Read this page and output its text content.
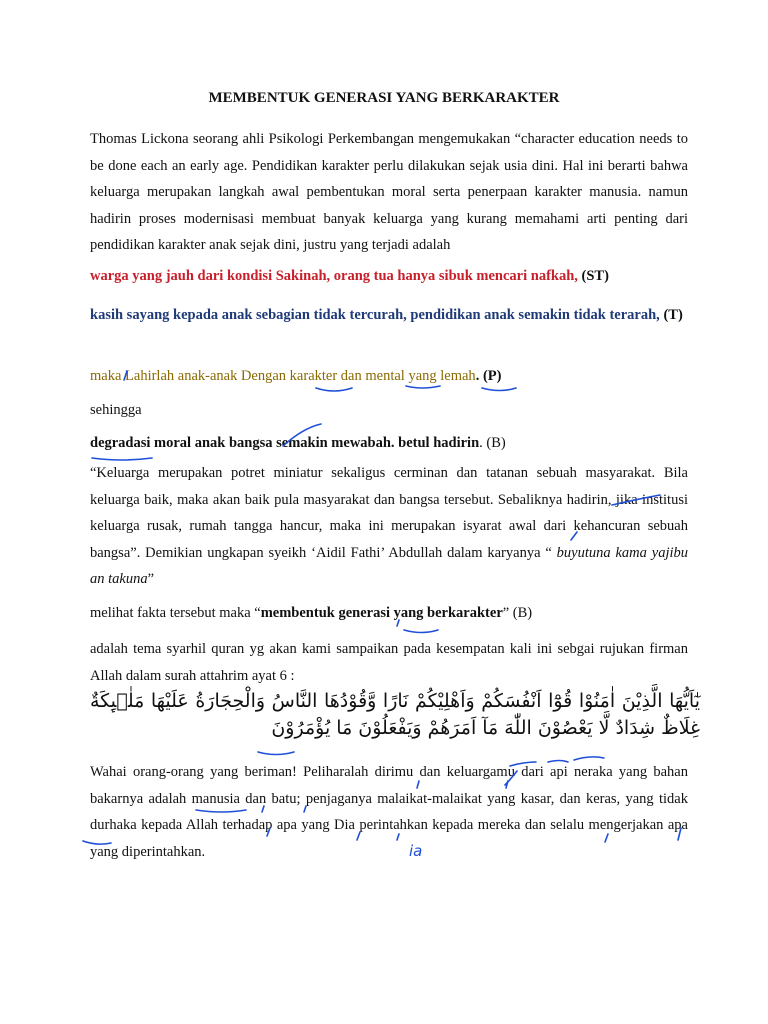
MEMBENTUK GENERASI YANG BERKARAKTER
Thomas Lickona seorang ahli Psikologi Perkembangan mengemukakan “character education needs to be done each an early age. Pendidikan karakter perlu dilakukan sejak usia dini. Hal ini berarti bahwa keluarga merupakan langkah awal pembentukan moral serta penerpaan karakter manusia. namun hadirin proses modernisasi membuat banyak keluarga yang kurang memahami arti penting dari pendidikan karakter anak sejak dini, justru yang terjadi adalah
warga yang jauh dari kondisi Sakinah, orang tua hanya sibuk mencari nafkah, (ST)
kasih sayang kepada anak sebagian tidak tercurah, pendidikan anak semakin tidak terarah, (T)
maka Lahirlah anak-anak Dengan karakter dan mental yang lemah. (P)
sehingga
degradasi moral anak bangsa semakin mewabah. betul hadirin. (B)
“Keluarga merupakan potret miniatur sekaligus cerminan dan tatanan sebuah masyarakat. Bila keluarga baik, maka akan baik pula masyarakat dan bangsa tersebut. Sebaliknya hadirin, jika institusi keluarga rusak, rumah tangga hancur, maka ini merupakan isyarat awal dari kehancuran sebuah bangsa”. Demikian ungkapan syeikh ‘Aidil Fathi’ Abdullah dalam karyanya “ buyutuna kama yajibu an takuna”
melihat fakta tersebut maka “membentuk generasi yang berkarakter” (B)
adalah tema syarhil quran yg akan kami sampaikan pada kesempatan kali ini sebgai rujukan firman Allah dalam surah attahrim ayat 6 :
يٰٓاَيُّهَا الَّذِيْنَ اٰمَنُوْا قُوْٓا اَنْفُسَكُمْ وَاَهْلِيْكُمْ نَارًا وَّقُوْدُهَا النَّاسُ وَالْحِجَارَةُ عَلَيْهَا مَلٰۤىِٕكَةٌ غِلَاظٌ شِدَادٌ لَّا يَعْصُوْنَ اللّٰهَ مَآ اَمَرَهُمْ وَيَفْعَلُوْنَ مَا يُؤْمَرُوْنَ
Wahai orang-orang yang beriman! Peliharalah dirimu dan keluargamu dari api neraka yang bahan bakarnya adalah manusia dan batu; penjaganya malaikat-malaikat yang kasar, dan keras, yang tidak durhaka kepada Allah terhadap apa yang Dia perintahkan kepada mereka dan selalu mengerjakan apa yang diperintahkan.	ia
